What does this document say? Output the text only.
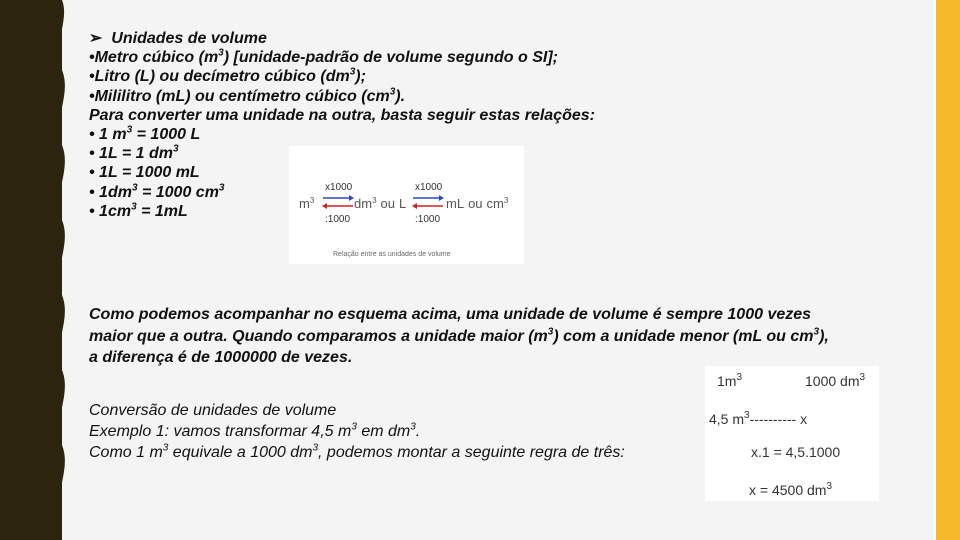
➢ Unidades de volume
•Metro cúbico $(m^3)$ [unidade-padrão de volume segundo o SI];
•Litro (L) ou decímetro cúbico $(dm^3)$;
•Mililitro (mL) ou centímetro cúbico $(cm^3)$.
Para converter uma unidade na outra, basta seguir estas relações:
• 1 $m^3 = 1000$ L
• 1L = 1 $dm^3$
• 1L = 1000 mL
• $1dm^3 = 1000$ $cm^3$
• $1cm^3 = 1mL$
x1000	x1000
$m^3$	$dm^3$ ou L	mL ou $cm^3$
:1000	:1000
Relação entre as unidades de volume
Como podemos acompanhar no esquema acima, uma unidade de volume é sempre 1000 vezes maior que a outra. Quando comparamos a unidade maior $(m^3)$ com a unidade menor (mL ou $cm^3$), a diferença é de 1000000 de vezes.
Conversão de unidades de volume
Exemplo 1: vamos transformar 4,5 $m^3$ em $dm^3$.
Como 1 $m^3$ equivale a 1000 $dm^3$, podemos montar a seguinte regra de três:
$1m^3$	1000 $dm^3$
4,5 $m^3----------$ x
x.1 = 4,5.1000
x = 4500 $dm^3$
